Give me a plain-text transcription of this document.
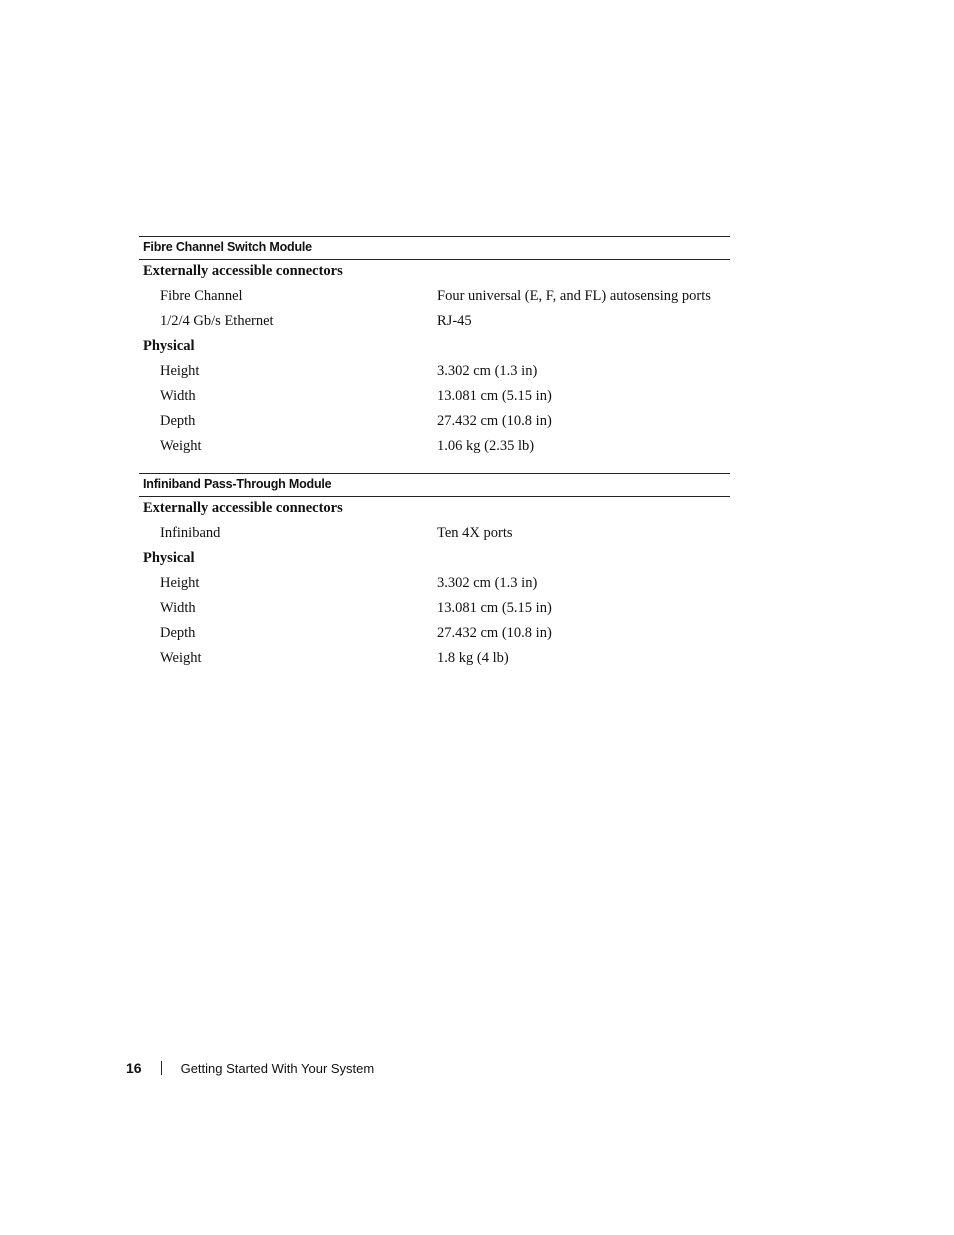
Fibre Channel Switch Module
Externally accessible connectors
Fibre Channel	Four universal (E, F, and FL) autosensing ports
1/2/4 Gb/s Ethernet	RJ-45
Physical
Height	3.302 cm (1.3 in)
Width	13.081 cm (5.15 in)
Depth	27.432 cm (10.8 in)
Weight	1.06 kg (2.35 lb)
Infiniband Pass-Through Module
Externally accessible connectors
Infiniband	Ten 4X ports
Physical
Height	3.302 cm (1.3 in)
Width	13.081 cm (5.15 in)
Depth	27.432 cm (10.8 in)
Weight	1.8 kg (4 lb)
16	Getting Started With Your System
